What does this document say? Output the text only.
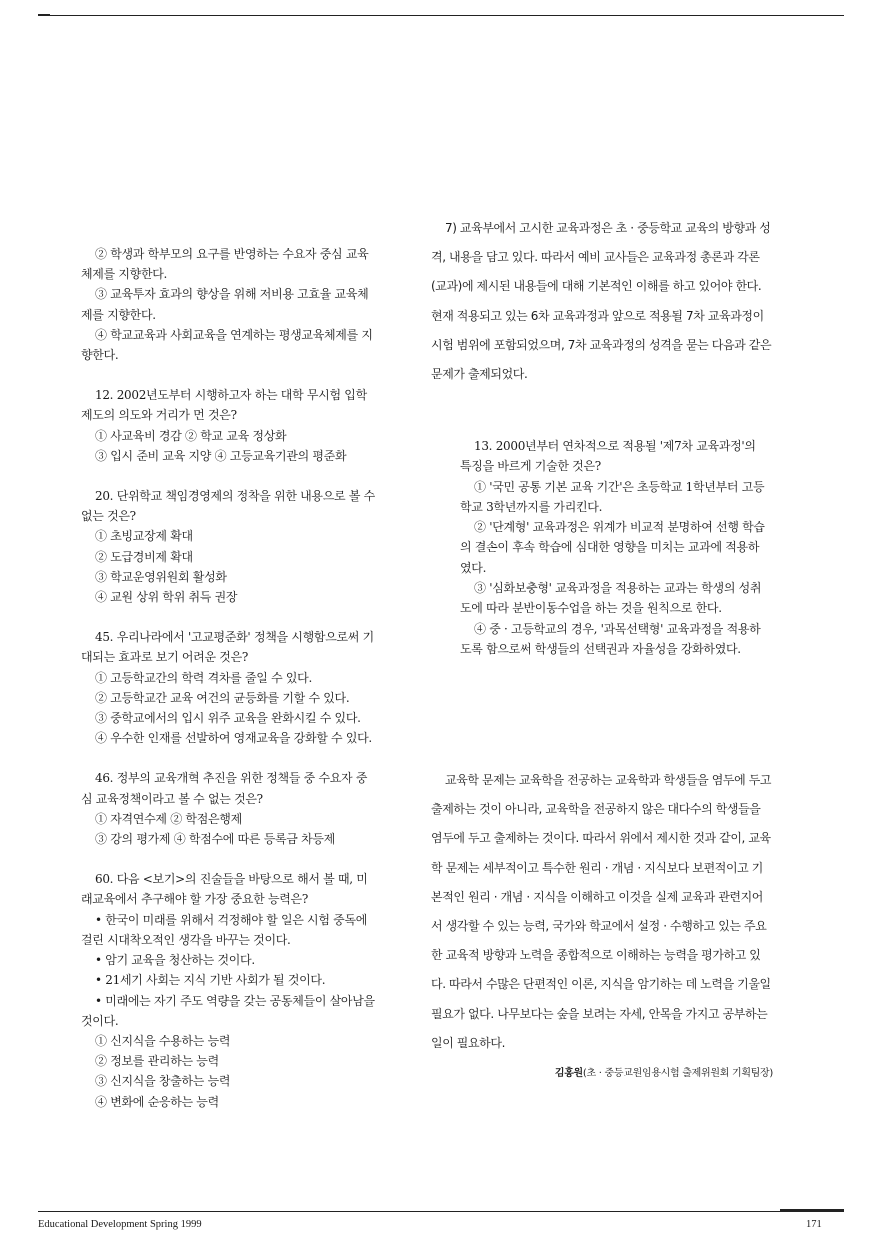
② 학생과 학부모의 요구를 반영하는 수요자 중심 교육체제를 지향한다.

③ 교육투자 효과의 향상을 위해 저비용 고효율 교육체제를 지향한다.

④ 학교교육과 사회교육을 연계하는 평생교육체제를 지향한다.

12. 2002년도부터 시행하고자 하는 대학 무시험 입학제도의 의도와 거리가 먼 것은?

① 사교육비 경감 ② 학교 교육 정상화

③ 입시 준비 교육 지양 ④ 고등교육기관의 평준화

20. 단위학교 책임경영제의 정착을 위한 내용으로 볼 수 없는 것은?

① 초빙교장제 확대

② 도급경비제 확대

③ 학교운영위원회 활성화

④ 교원 상위 학위 취득 권장

45. 우리나라에서 '고교평준화' 정책을 시행함으로써 기대되는 효과로 보기 어려운 것은?

① 고등학교간의 학력 격차를 줄일 수 있다.

② 고등학교간 교육 여건의 균등화를 기할 수 있다.

③ 중학교에서의 입시 위주 교육을 완화시킬 수 있다.

④ 우수한 인재를 선발하여 영재교육을 강화할 수 있다.

46. 정부의 교육개혁 추진을 위한 정책들 중 수요자 중심 교육정책이라고 볼 수 없는 것은?

① 자격연수제 ② 학점은행제

③ 강의 평가제 ④ 학점수에 따른 등록금 차등제

60. 다음 <보기>의 진술들을 바탕으로 해서 볼 때, 미래교육에서 추구해야 할 가장 중요한 능력은?

• 한국이 미래를 위해서 걱정해야 할 일은 시험 중독에 걸린 시대착오적인 생각을 바꾸는 것이다.

• 암기 교육을 청산하는 것이다.

• 21세기 사회는 지식 기반 사회가 될 것이다.

• 미래에는 자기 주도 역량을 갖는 공동체들이 살아남을 것이다.

① 신지식을 수용하는 능력

② 정보를 관리하는 능력

③ 신지식을 창출하는 능력

④ 변화에 순응하는 능력

7) 교육부에서 고시한 교육과정은 초 · 중등학교 교육의 방향과 성격, 내용을 담고 있다. 따라서 예비 교사들은 교육과정 총론과 각론(교과)에 제시된 내용들에 대해 기본적인 이해를 하고 있어야 한다. 현재 적용되고 있는 6차 교육과정과 앞으로 적용될 7차 교육과정이 시험 범위에 포함되었으며, 7차 교육과정의 성격을 묻는 다음과 같은 문제가 출제되었다.

13. 2000년부터 연차적으로 적용될 '제7차 교육과정'의 특징을 바르게 기술한 것은?

① '국민 공통 기본 교육 기간'은 초등학교 1학년부터 고등학교 3학년까지를 가리킨다.

② '단계형' 교육과정은 위계가 비교적 분명하여 선행 학습의 결손이 후속 학습에 심대한 영향을 미치는 교과에 적용하였다.

③ '심화보충형' 교육과정을 적용하는 교과는 학생의 성취도에 따라 분반이동수업을 하는 것을 원칙으로 한다.

④ 중 · 고등학교의 경우, '과목선택형' 교육과정을 적용하도록 함으로써 학생들의 선택권과 자율성을 강화하였다.

교육학 문제는 교육학을 전공하는 교육학과 학생들을 염두에 두고 출제하는 것이 아니라, 교육학을 전공하지 않은 대다수의 학생들을 염두에 두고 출제하는 것이다. 따라서 위에서 제시한 것과 같이, 교육학 문제는 세부적이고 특수한 원리 · 개념 · 지식보다 보편적이고 기본적인 원리 · 개념 · 지식을 이해하고 이것을 실제 교육과 관련지어서 생각할 수 있는 능력, 국가와 학교에서 설정 · 수행하고 있는 주요한 교육적 방향과 노력을 종합적으로 이해하는 능력을 평가하고 있다. 따라서 수많은 단편적인 이론, 지식을 암기하는 데 노력을 기울일 필요가 없다. 나무보다는 숲을 보려는 자세, 안목을 가지고 공부하는 일이 필요하다.

김홍원(초 · 중등교원임용시험 출제위원회 기획팀장)
Educational Development Spring 1999	171
